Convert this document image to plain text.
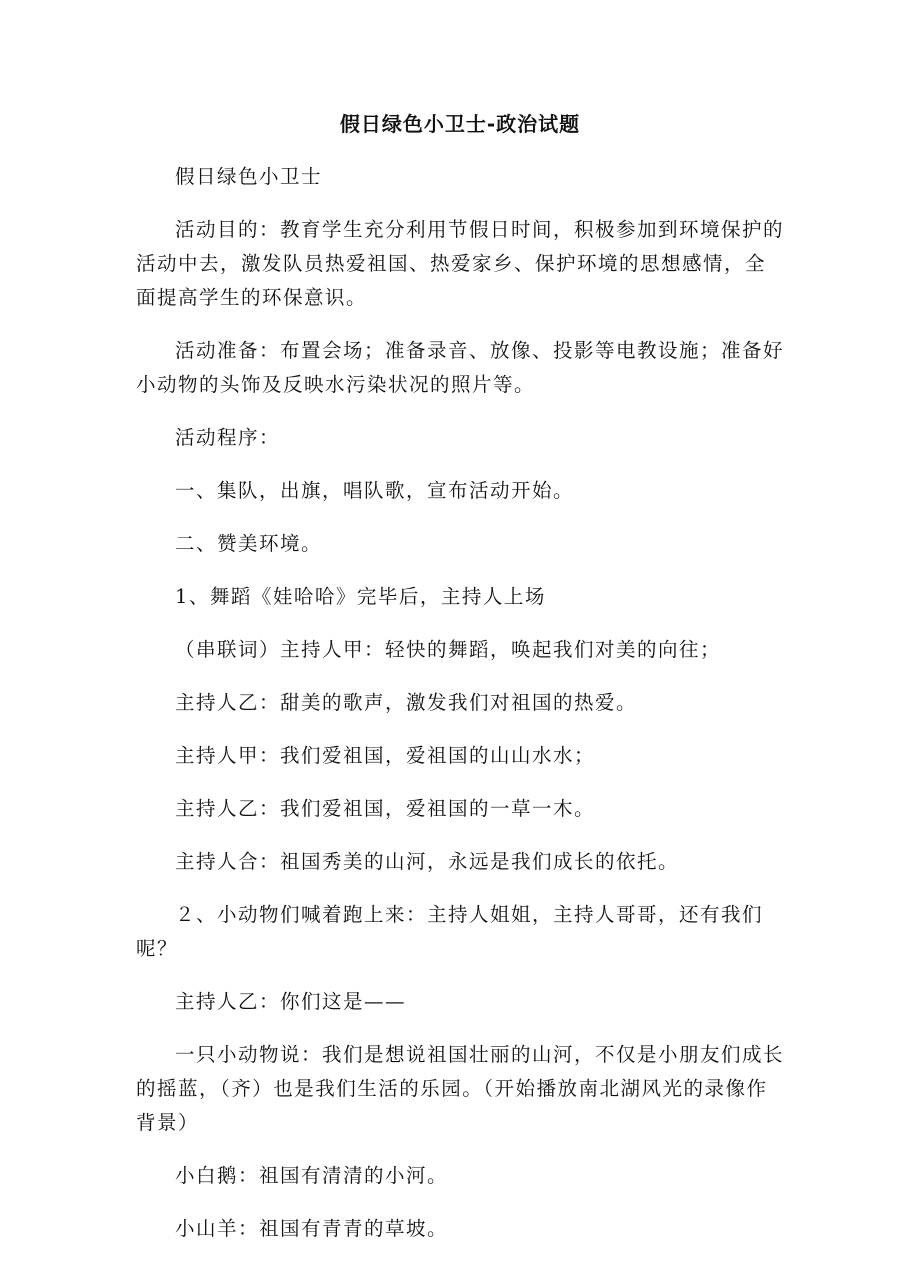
假日绿色小卫士-政治试题

假日绿色小卫士

活动目的：教育学生充分利用节假日时间，积极参加到环境保护的活动中去，激发队员热爱祖国、热爱家乡、保护环境的思想感情，全面提高学生的环保意识。

活动准备：布置会场；准备录音、放像、投影等电教设施；准备好小动物的头饰及反映水污染状况的照片等。

活动程序：

一、集队，出旗，唱队歌，宣布活动开始。

二、赞美环境。

1、舞蹈《娃哈哈》完毕后，主持人上场

（串联词）主持人甲：轻快的舞蹈，唤起我们对美的向往；

主持人乙：甜美的歌声，激发我们对祖国的热爱。

主持人甲：我们爱祖国，爱祖国的山山水水；

主持人乙：我们爱祖国，爱祖国的一草一木。

主持人合：祖国秀美的山河，永远是我们成长的依托。

２、小动物们喊着跑上来：主持人姐姐，主持人哥哥，还有我们呢？

主持人乙：你们这是——

一只小动物说：我们是想说祖国壮丽的山河，不仅是小朋友们成长的摇蓝，（齐）也是我们生活的乐园。（开始播放南北湖风光的录像作背景）

小白鹅：祖国有清清的小河。

小山羊：祖国有青青的草坡。
